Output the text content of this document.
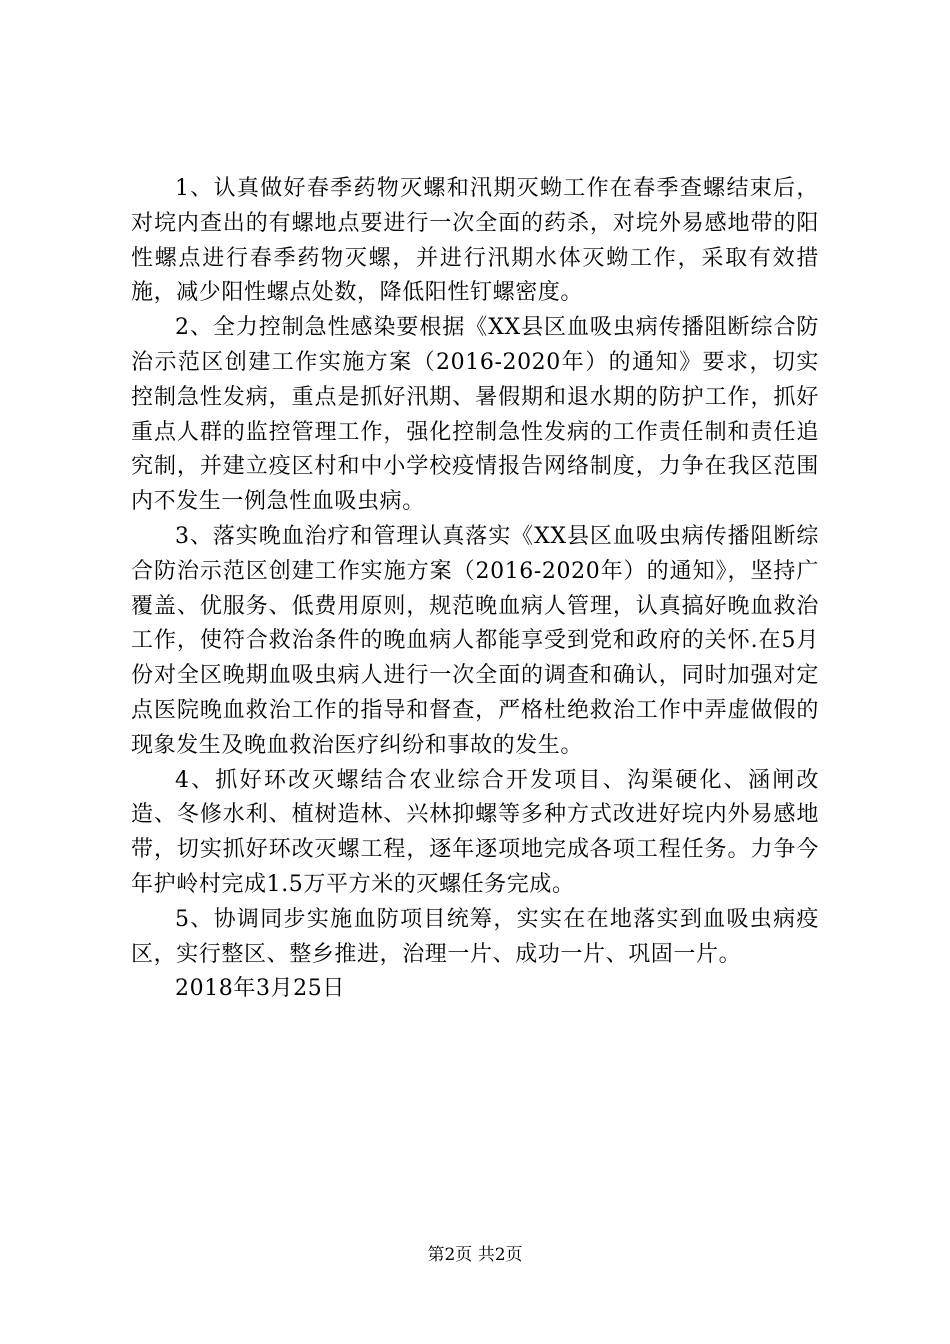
1、认真做好春季药物灭螺和汛期灭蚴工作在春季查螺结束后，对垸内查出的有螺地点要进行一次全面的药杀，对垸外易感地带的阳性螺点进行春季药物灭螺，并进行汛期水体灭蚴工作，采取有效措施，减少阳性螺点处数，降低阳性钉螺密度。

2、全力控制急性感染要根据《XX县区血吸虫病传播阻断综合防治示范区创建工作实施方案（2016-2020年）的通知》要求，切实控制急性发病，重点是抓好汛期、暑假期和退水期的防护工作，抓好重点人群的监控管理工作，强化控制急性发病的工作责任制和责任追究制，并建立疫区村和中小学校疫情报告网络制度，力争在我区范围内不发生一例急性血吸虫病。

3、落实晚血治疗和管理认真落实《XX县区血吸虫病传播阻断综合防治示范区创建工作实施方案（2016-2020年）的通知》，坚持广覆盖、优服务、低费用原则，规范晚血病人管理，认真搞好晚血救治工作，使符合救治条件的晚血病人都能享受到党和政府的关怀.在5月份对全区晚期血吸虫病人进行一次全面的调查和确认，同时加强对定点医院晚血救治工作的指导和督查，严格杜绝救治工作中弄虚做假的现象发生及晚血救治医疗纠纷和事故的发生。

4、抓好环改灭螺结合农业综合开发项目、沟渠硬化、涵闸改造、冬修水利、植树造林、兴林抑螺等多种方式改进好垸内外易感地带，切实抓好环改灭螺工程，逐年逐项地完成各项工程任务。力争今年护岭村完成1.5万平方米的灭螺任务完成。

5、协调同步实施血防项目统筹，实实在在地落实到血吸虫病疫区，实行整区、整乡推进，治理一片、成功一片、巩固一片。

2018年3月25日

第2页 共2页
